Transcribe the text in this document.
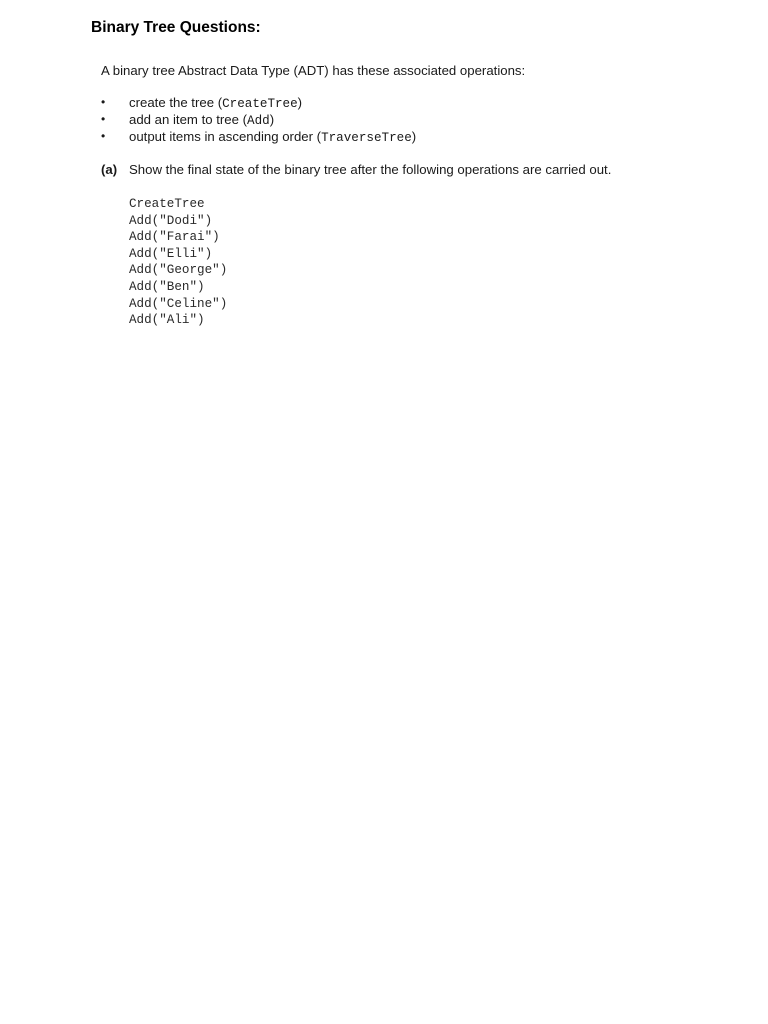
Binary Tree Questions:

A binary tree Abstract Data Type (ADT) has these associated operations:

• create the tree (CreateTree)
• add an item to tree (Add)
• output items in ascending order (TraverseTree)
(a) Show the final state of the binary tree after the following operations are carried out.
CreateTree
Add("Dodi")
Add("Farai")
Add("Elli")
Add("George")
Add("Ben")
Add("Celine")
Add("Ali")
